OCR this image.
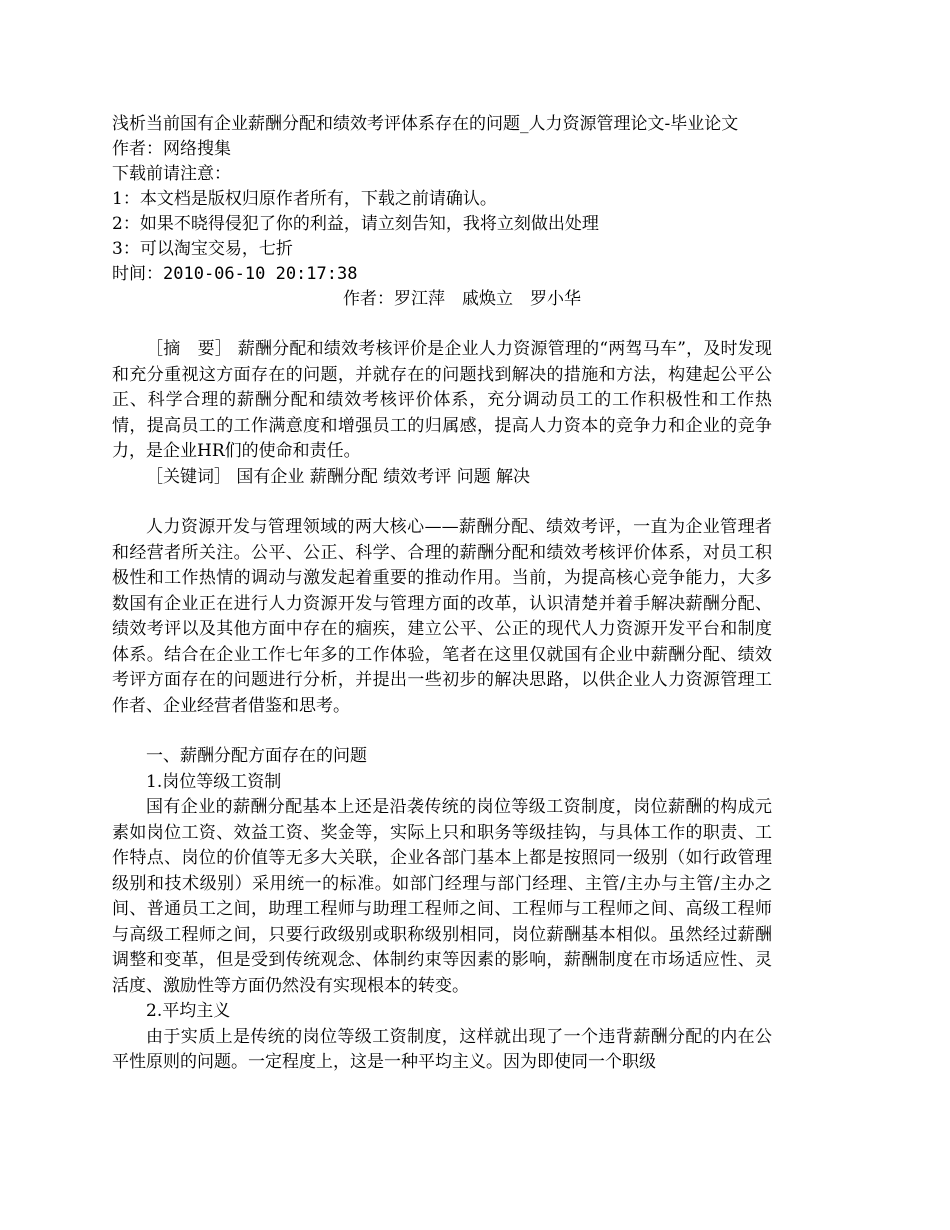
浅析当前国有企业薪酬分配和绩效考评体系存在的问题_人力资源管理论文-毕业论文

作者：网络搜集

下载前请注意：

1：本文档是版权归原作者所有，下载之前请确认。

2：如果不晓得侵犯了你的利益，请立刻告知，我将立刻做出处理

3：可以淘宝交易，七折

时间：2010-06-10 20:17:38

作者：罗江萍　戚焕立　罗小华

［摘　要］ 薪酬分配和绩效考核评价是企业人力资源管理的“两驾马车”，及时发现和充分重视这方面存在的问题，并就存在的问题找到解决的措施和方法，构建起公平公正、科学合理的薪酬分配和绩效考核评价体系，充分调动员工的工作积极性和工作热情，提高员工的工作满意度和增强员工的归属感，提高人力资本的竞争力和企业的竞争力，是企业HR们的使命和责任。

［关键词］ 国有企业 薪酬分配 绩效考评 问题 解决

人力资源开发与管理领域的两大核心——薪酬分配、绩效考评，一直为企业管理者和经营者所关注。公平、公正、科学、合理的薪酬分配和绩效考核评价体系，对员工积极性和工作热情的调动与激发起着重要的推动作用。当前，为提高核心竞争能力，大多数国有企业正在进行人力资源开发与管理方面的改革，认识清楚并着手解决薪酬分配、绩效考评以及其他方面中存在的痼疾，建立公平、公正的现代人力资源开发平台和制度体系。结合在企业工作七年多的工作体验，笔者在这里仅就国有企业中薪酬分配、绩效考评方面存在的问题进行分析，并提出一些初步的解决思路，以供企业人力资源管理工作者、企业经营者借鉴和思考。

一、薪酬分配方面存在的问题

1.岗位等级工资制

国有企业的薪酬分配基本上还是沿袭传统的岗位等级工资制度，岗位薪酬的构成元素如岗位工资、效益工资、奖金等，实际上只和职务等级挂钩，与具体工作的职责、工作特点、岗位的价值等无多大关联，企业各部门基本上都是按照同一级别（如行政管理级别和技术级别）采用统一的标准。如部门经理与部门经理、主管/主办与主管/主办之间、普通员工之间，助理工程师与助理工程师之间、工程师与工程师之间、高级工程师与高级工程师之间，只要行政级别或职称级别相同，岗位薪酬基本相似。虽然经过薪酬调整和变革，但是受到传统观念、体制约束等因素的影响，薪酬制度在市场适应性、灵活度、激励性等方面仍然没有实现根本的转变。

2.平均主义

由于实质上是传统的岗位等级工资制度，这样就出现了一个违背薪酬分配的内在公平性原则的问题。一定程度上，这是一种平均主义。因为即使同一个职级
